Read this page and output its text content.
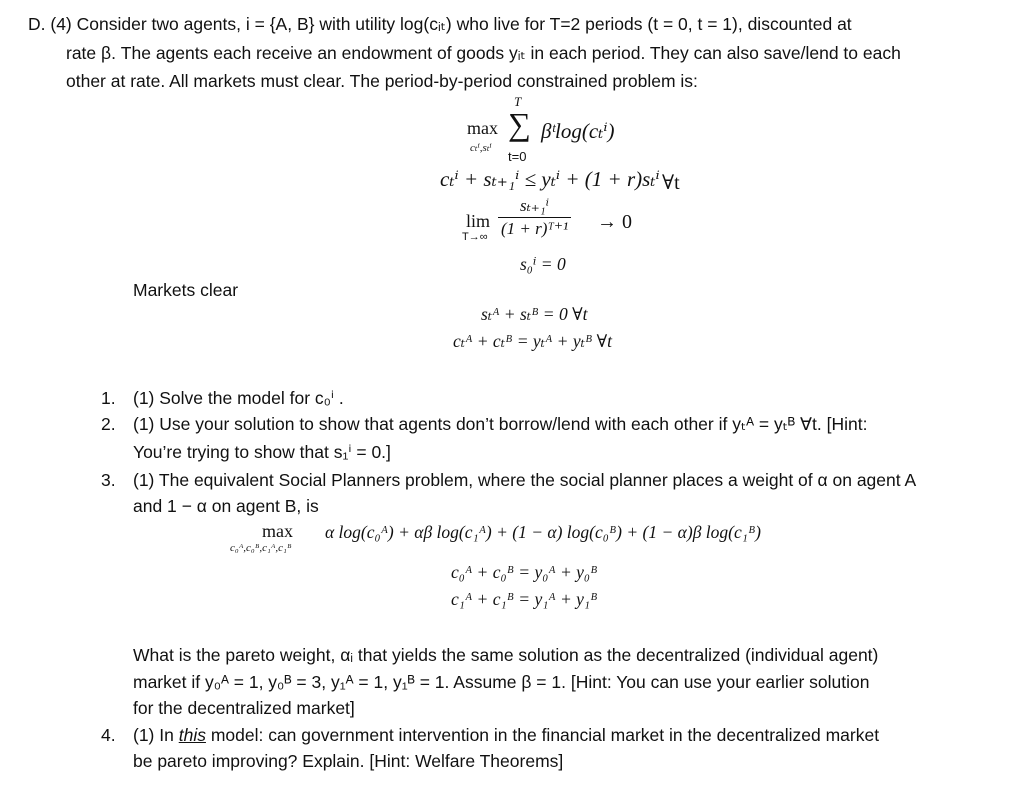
D. (4) Consider two agents, i = {A, B} with utility log(cᵢₜ) who live for T=2 periods (t = 0, t = 1), discounted at
rate β. The agents each receive an endowment of goods yᵢₜ in each period. They can also save/lend to each
other at rate. All markets must clear. The period-by-period constrained problem is:
max
cₜⁱ,sₜⁱ
T
∑
t=0
βᵗlog(cₜⁱ)
cₜⁱ + sₜ₊₁ⁱ ≤ yₜⁱ + (1 + r)sₜⁱ ∀t
lim
$T\to\infty \frac{\text{sₜ₊₁ⁱ}}{\text{(1 + r)ᵀ⁺¹}} \to 0$
s₀ⁱ = 0
Markets clear
sₜᴬ + sₜᴮ = 0 ∀t
cₜᴬ + cₜᴮ = yₜᴬ + yₜᴮ ∀t
1. (1) Solve the model for c₀ⁱ .
2. (1) Use your solution to show that agents don’t borrow/lend with each other if yₜᴬ = yₜᴮ ∀t. [Hint:
You’re trying to show that s₁ⁱ = 0.]
3. (1) The equivalent Social Planners problem, where the social planner places a weight of α on agent A
and 1 − α on agent B, is
max
c₀ᴬ,c₀ᴮ,c₁ᴬ,c₁ᴮ
α log(c₀ᴬ) + αβ log(c₁ᴬ) + (1 − α) log(c₀ᴮ) + (1 − α)β log(c₁ᴮ)
c₀ᴬ + c₀ᴮ = y₀ᴬ + y₀ᴮ
c₁ᴬ + c₁ᴮ = y₁ᴬ + y₁ᴮ
What is the pareto weight, αᵢ that yields the same solution as the decentralized (individual agent)
market if y₀ᴬ = 1, y₀ᴮ = 3, y₁ᴬ = 1, y₁ᴮ = 1. Assume β = 1. [Hint: You can use your earlier solution
for the decentralized market]
4. (1) In this model: can government intervention in the financial market in the decentralized market
be pareto improving? Explain. [Hint: Welfare Theorems]
